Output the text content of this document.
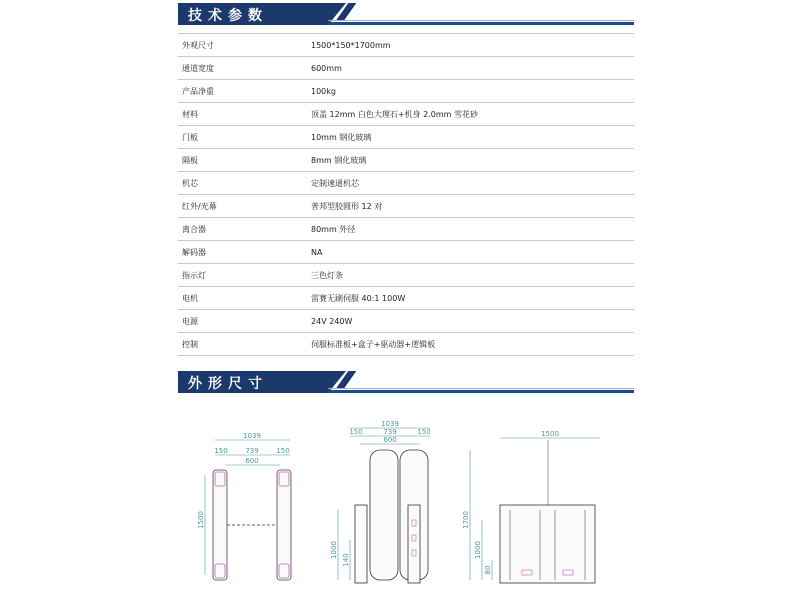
技术参数
外观尺寸	1500*150*1700mm
通道宽度	600mm
产品净重	100kg
材料	顶盖 12mm 白色大理石+机身 2.0mm 雪花砂
门板	10mm 钢化玻璃
隔板	8mm 钢化玻璃
机芯	定制速通机芯
红外/光幕	普邦型胶圆形 12 对
离合器	80mm 外径
解码器	NA
指示灯	三色灯条
电机	雷赛无刷伺服 40:1 100W
电源	24V 240W
控制	伺服标准板+盒子+驱动器+逻辑板
外形尺寸
1039
150	739	150
600
1500
1039
150	739	150
600
1000
140
1500
1700
1000
80
